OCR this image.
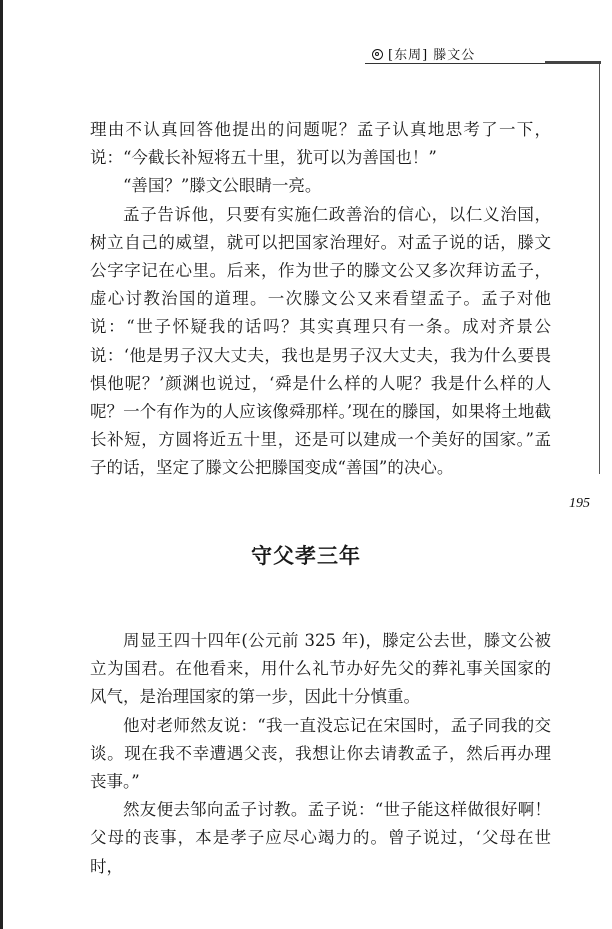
[东周] 滕文公
195

理由不认真回答他提出的问题呢？孟子认真地思考了一下，说：“今截长补短将五十里，犹可以为善国也！”

“善国？”滕文公眼睛一亮。

孟子告诉他，只要有实施仁政善治的信心，以仁义治国，树立自己的威望，就可以把国家治理好。对孟子说的话，滕文公字字记在心里。后来，作为世子的滕文公又多次拜访孟子，虚心讨教治国的道理。一次滕文公又来看望孟子。孟子对他说：“世子怀疑我的话吗？其实真理只有一条。成对齐景公说：‘他是男子汉大丈夫，我也是男子汉大丈夫，我为什么要畏惧他呢？’颜渊也说过，‘舜是什么样的人呢？我是什么样的人呢？一个有作为的人应该像舜那样。’现在的滕国，如果将土地截长补短，方圆将近五十里，还是可以建成一个美好的国家。”孟子的话，坚定了滕文公把滕国变成“善国”的决心。

守父孝三年

周显王四十四年(公元前 325 年)，滕定公去世，滕文公被立为国君。在他看来，用什么礼节办好先父的葬礼事关国家的风气，是治理国家的第一步，因此十分慎重。

他对老师然友说：“我一直没忘记在宋国时，孟子同我的交谈。现在我不幸遭遇父丧，我想让你去请教孟子，然后再办理丧事。”

然友便去邹向孟子讨教。孟子说：“世子能这样做很好啊！父母的丧事，本是孝子应尽心竭力的。曾子说过，‘父母在世时，
